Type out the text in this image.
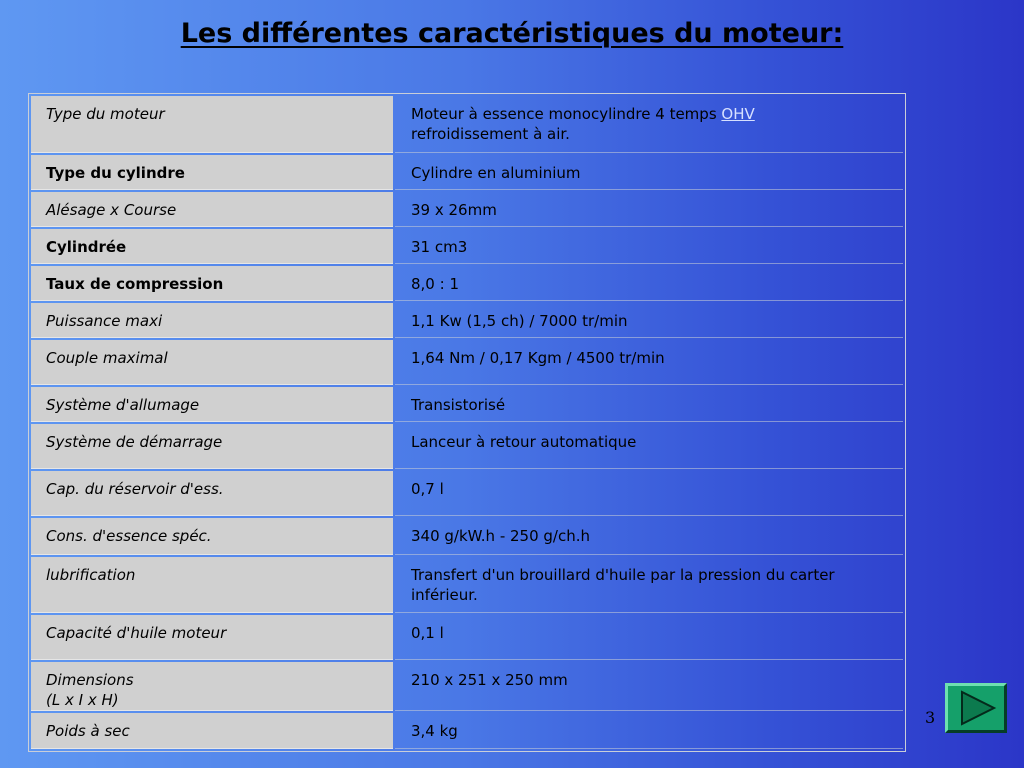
Les différentes caractéristiques du moteur:
Type du moteur	Moteur à essence monocylindre 4 temps OHV
refroidissement à air.
Type du cylindre	Cylindre en aluminium
Alésage x Course	39 x 26mm
Cylindrée	31 cm3
Taux de compression	8,0 : 1
Puissance maxi	1,1 Kw (1,5 ch) / 7000 tr/min
Couple maximal	1,64 Nm / 0,17 Kgm / 4500 tr/min
Système d'allumage	Transistorisé
Système de démarrage	Lanceur à retour automatique
Cap. du réservoir d'ess.	0,7 l
Cons. d'essence spéc.	340 g/kW.h - 250 g/ch.h
lubrification	Transfert d'un brouillard d'huile par la pression du carter inférieur.
Capacité d'huile moteur	0,1 l
Dimensions
(L x I x H)	210 x 251 x 250 mm
Poids à sec	3,4 kg
3
